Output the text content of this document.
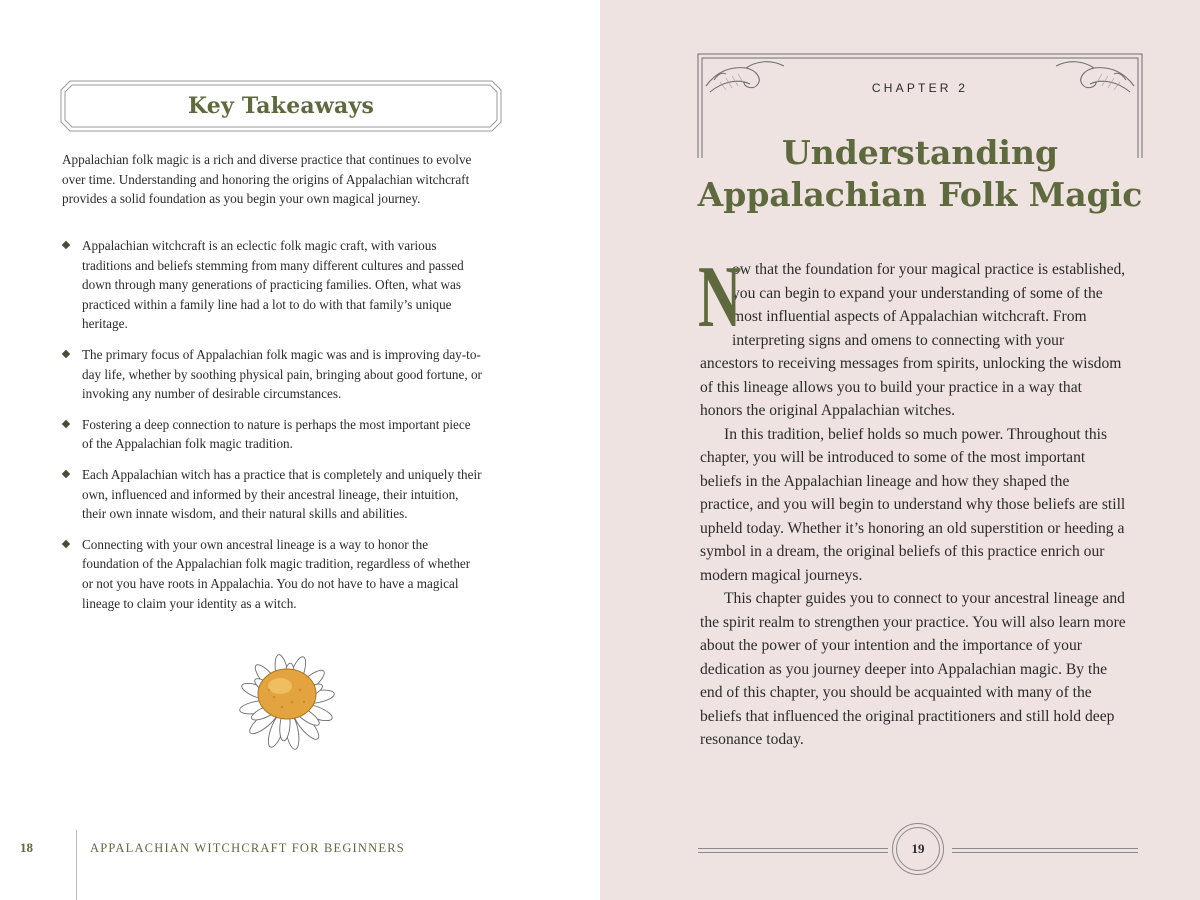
Key Takeaways

Appalachian folk magic is a rich and diverse practice that continues to evolve over time. Understanding and honoring the origins of Appalachian witchcraft provides a solid foundation as you begin your own magical journey.

Appalachian witchcraft is an eclectic folk magic craft, with various traditions and beliefs stemming from many different cultures and passed down through many generations of practicing families. Often, what was practiced within a family line had a lot to do with that family’s unique heritage.
The primary focus of Appalachian folk magic was and is improving day-to-day life, whether by soothing physical pain, bringing about good fortune, or invoking any number of desirable circumstances.
Fostering a deep connection to nature is perhaps the most important piece of the Appalachian folk magic tradition.
Each Appalachian witch has a practice that is completely and uniquely their own, influenced and informed by their ancestral lineage, their intuition, their own innate wisdom, and their natural skills and abilities.
Connecting with your own ancestral lineage is a way to honor the foundation of the Appalachian folk magic tradition, regardless of whether or not you have roots in Appalachia. You do not have to have a magical lineage to claim your identity as a witch.
18	APPALACHIAN WITCHCRAFT FOR BEGINNERS
CHAPTER 2
Understanding
Appalachian Folk Magic

N
ow that the foundation for your magical practice is established, you can begin to expand your understanding of some of the most influential aspects of Appalachian witchcraft. From interpreting signs and omens to connecting with your ancestors to receiving messages from spirits, unlocking the wisdom of this lineage allows you to build your practice in a way that honors the original Appalachian witches.

In this tradition, belief holds so much power. Throughout this chapter, you will be introduced to some of the most important beliefs in the Appalachian lineage and how they shaped the practice, and you will begin to understand why those beliefs are still upheld today. Whether it’s honoring an old superstition or heeding a symbol in a dream, the original beliefs of this practice enrich our modern magical journeys.

This chapter guides you to connect to your ancestral lineage and the spirit realm to strengthen your practice. You will also learn more about the power of your intention and the importance of your dedication as you journey deeper into Appalachian magic. By the end of this chapter, you should be acquainted with many of the beliefs that influenced the original practitioners and still hold deep resonance today.

19
